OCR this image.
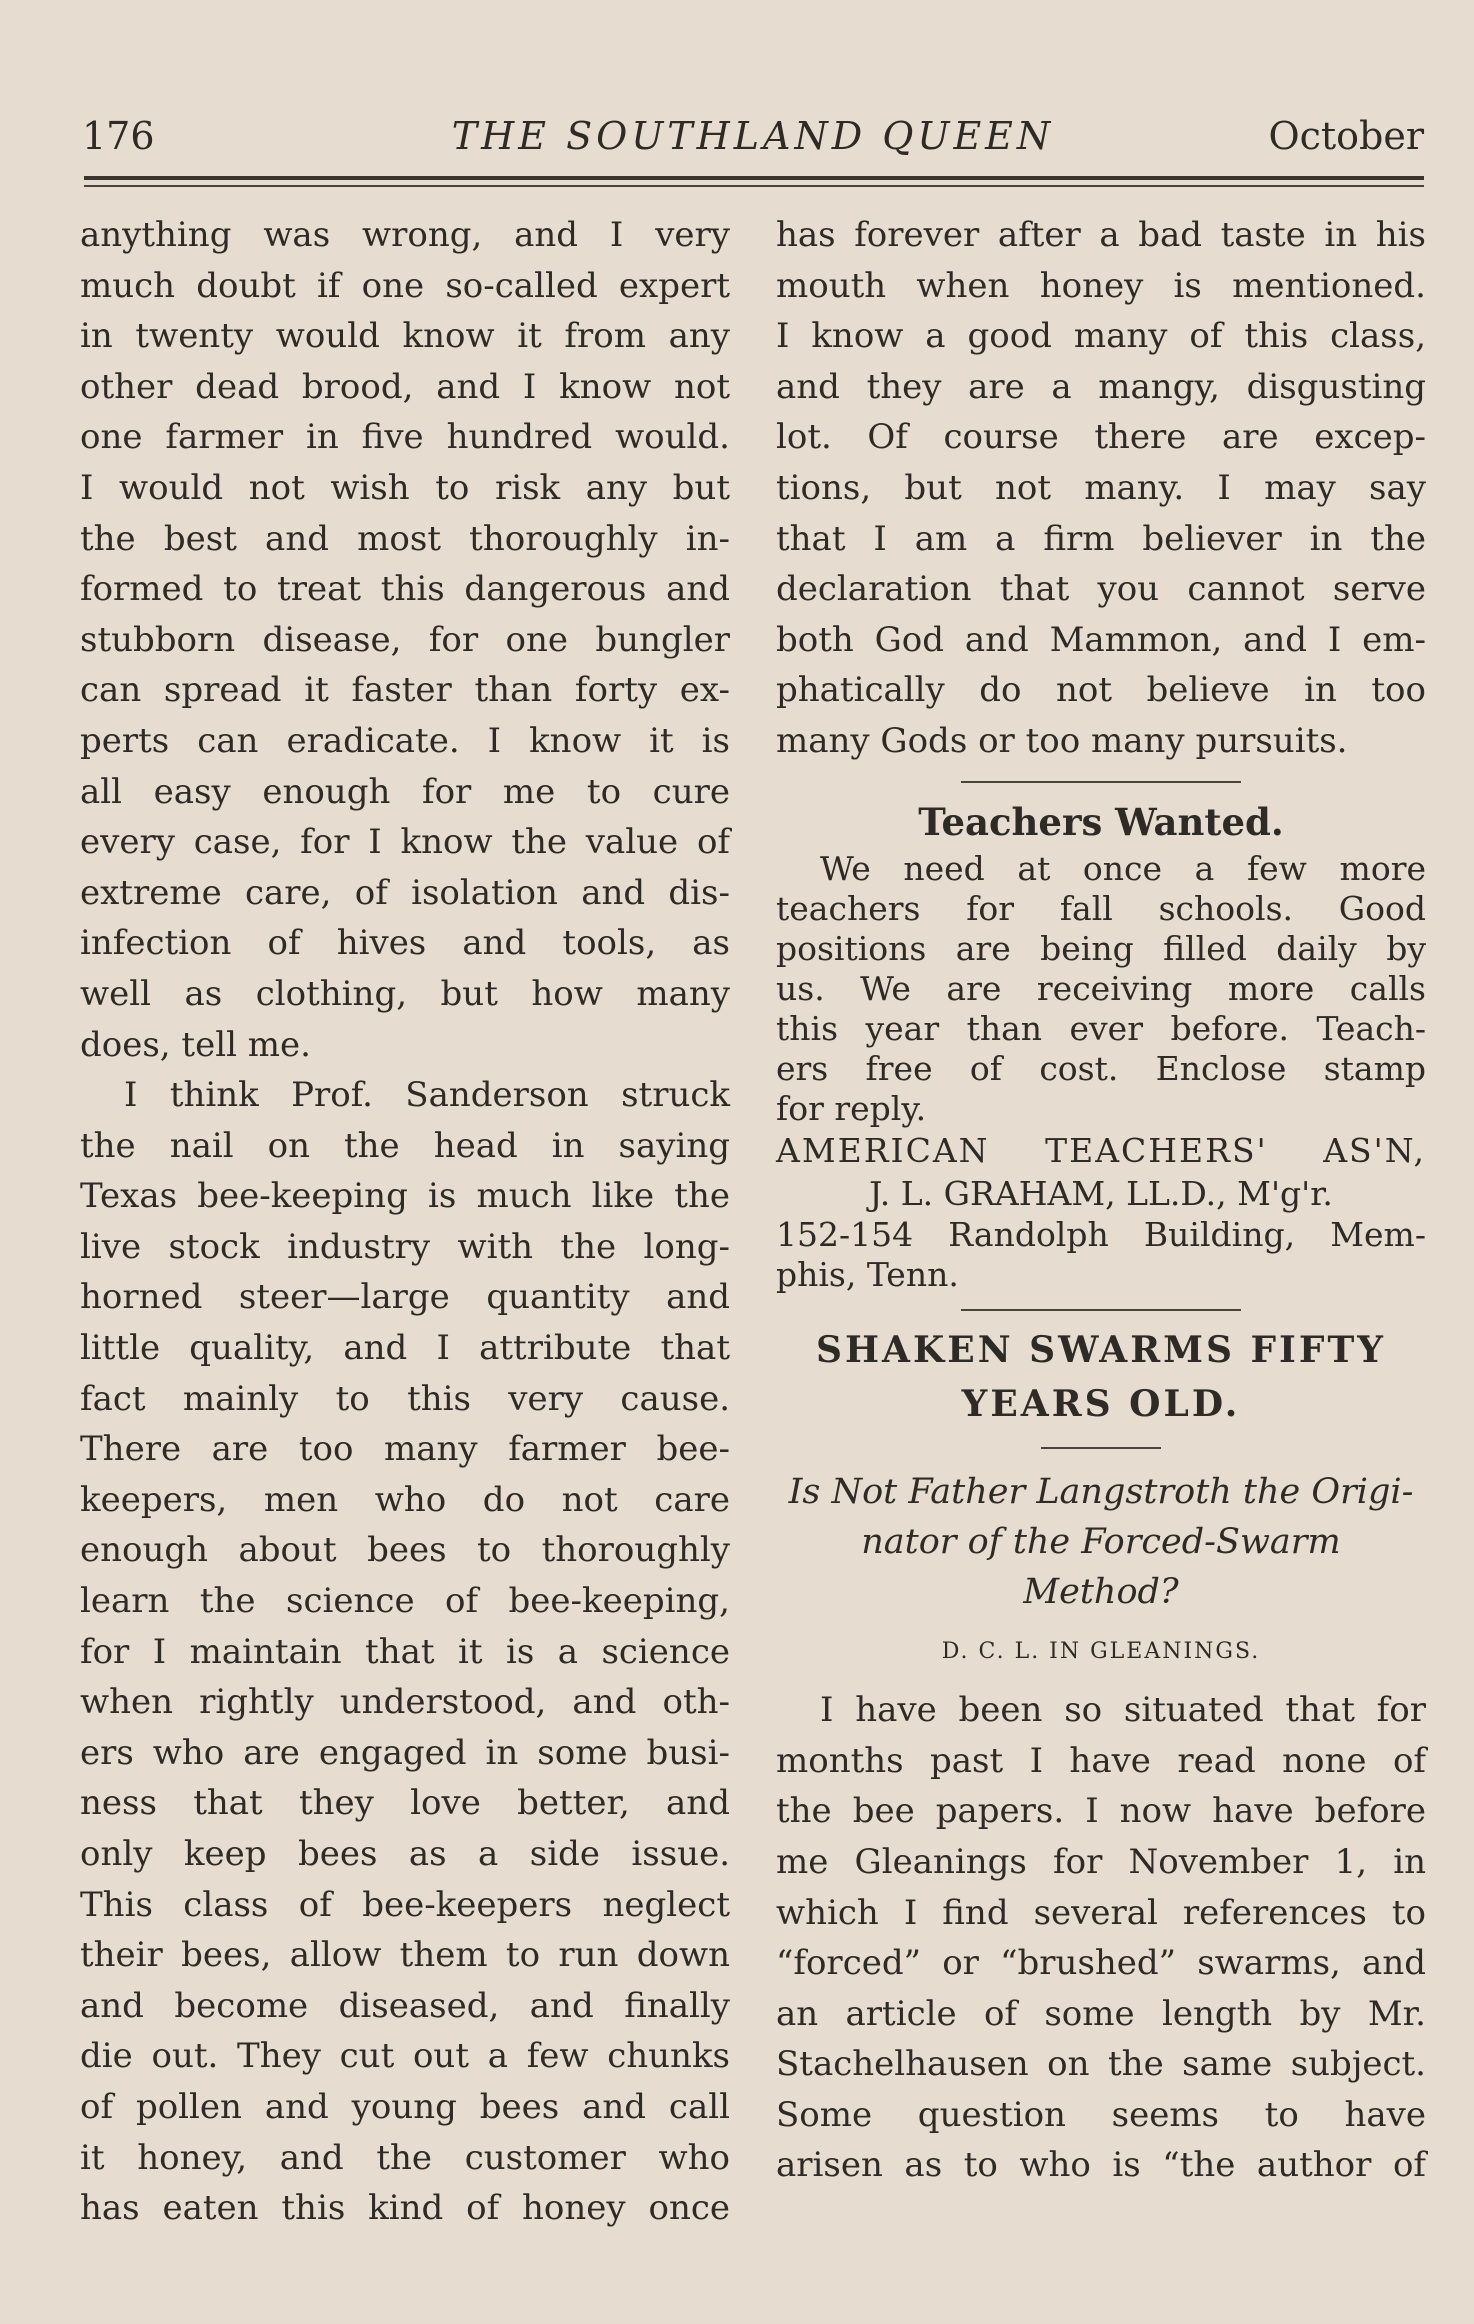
176	THE SOUTHLAND QUEEN	October

anything was wrong, and I very

much doubt if one so-called expert

in twenty would know it from any

other dead brood, and I know not

one farmer in five hundred would.

I would not wish to risk any but

the best and most thoroughly in-

formed to treat this dangerous and

stubborn disease, for one bungler

can spread it faster than forty ex-

perts can eradicate. I know it is

all easy enough for me to cure

every case, for I know the value of

extreme care, of isolation and dis-

infection of hives and tools, as

well as clothing, but how many

does, tell me.

I think Prof. Sanderson struck

the nail on the head in saying

Texas bee-keeping is much like the

live stock industry with the long-

horned steer—large quantity and

little quality, and I attribute that

fact mainly to this very cause.

There are too many farmer bee-

keepers, men who do not care

enough about bees to thoroughly

learn the science of bee-keeping,

for I maintain that it is a science

when rightly understood, and oth-

ers who are engaged in some busi-

ness that they love better, and

only keep bees as a side issue.

This class of bee-keepers neglect

their bees, allow them to run down

and become diseased, and finally

die out. They cut out a few chunks

of pollen and young bees and call

it honey, and the customer who

has eaten this kind of honey once

has forever after a bad taste in his

mouth when honey is mentioned.

I know a good many of this class,

and they are a mangy, disgusting

lot. Of course there are excep-

tions, but not many. I may say

that I am a firm believer in the

declaration that you cannot serve

both God and Mammon, and I em-

phatically do not believe in too

many Gods or too many pursuits.

Teachers Wanted.

We need at once a few more

teachers for fall schools. Good

positions are being filled daily by

us. We are receiving more calls

this year than ever before. Teach-

ers free of cost. Enclose stamp

for reply.

AMERICAN TEACHERS' AS'N,

J. L. GRAHAM, LL.D., M'g'r.

152-154 Randolph Building, Mem-

phis, Tenn.

SHAKEN SWARMS FIFTY
YEARS OLD.
Is Not Father Langstroth the Origi-
nator of the Forced-Swarm
Method?
D. C. L. IN GLEANINGS.

I have been so situated that for

months past I have read none of

the bee papers. I now have before

me Gleanings for November 1, in

which I find several references to

“forced” or “brushed” swarms, and

an article of some length by Mr.

Stachelhausen on the same subject.

Some question seems to have

arisen as to who is “the author of
